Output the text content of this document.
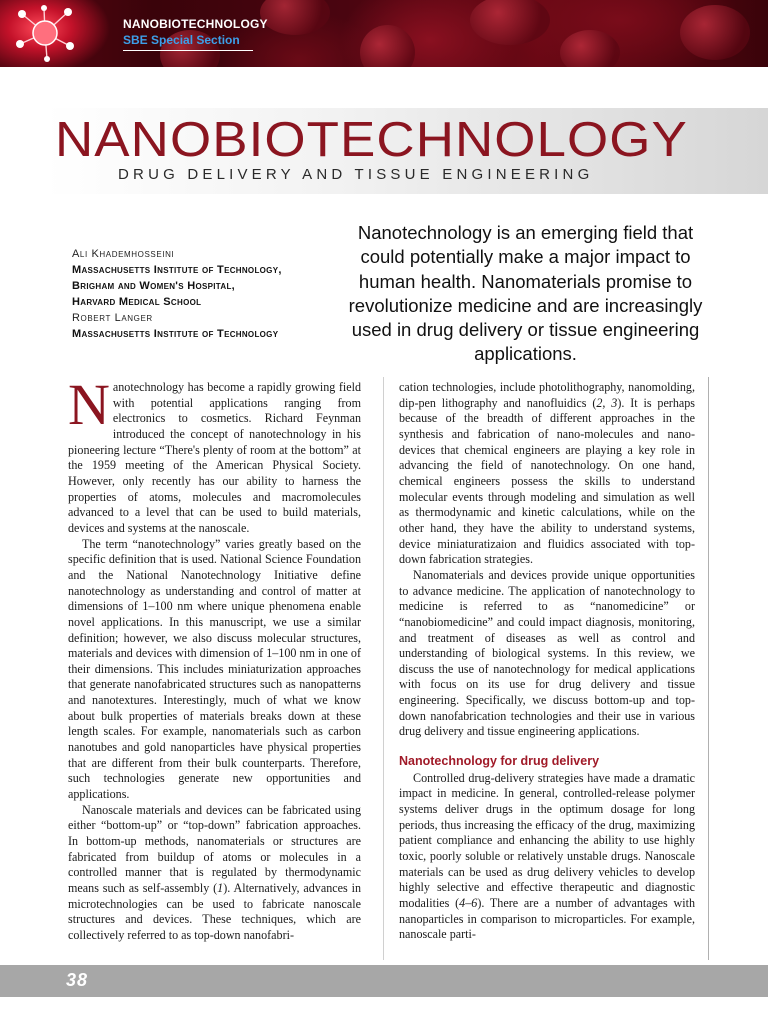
NANOBIOTECHNOLOGY
SBE Special Section
NANOBIOTECHNOLOGY
DRUG DELIVERY AND TISSUE ENGINEERING
Ali Khademhosseini
Massachusetts Institute of Technology,
Brigham and Women's Hospital,
Harvard Medical School
Robert Langer
Massachusetts Institute of Technology
Nanotechnology is an emerging field that could potentially make a major impact to human health. Nanomaterials promise to revolutionize medicine and are increasingly used in drug delivery or tissue engineering applications.

Nanotechnology has become a rapidly growing field with potential applications ranging from electronics to cosmetics. Richard Feynman introduced the concept of nanotechnology in his pioneering lecture “There's plenty of room at the bottom” at the 1959 meeting of the American Physical Society. However, only recently has our ability to harness the properties of atoms, molecules and macromolecules advanced to a level that can be used to build materials, devices and systems at the nanoscale.

The term “nanotechnology” varies greatly based on the specific definition that is used. National Science Foundation and the National Nanotechnology Initiative define nanotechnology as understanding and control of matter at dimensions of 1–100 nm where unique phenomena enable novel applications. In this manuscript, we use a similar definition; however, we also discuss molecular structures, materials and devices with dimension of 1–100 nm in one of their dimensions. This includes miniaturization approaches that generate nanofabricated structures such as nanopatterns and nanotextures. Interestingly, much of what we know about bulk properties of materials breaks down at these length scales. For example, nanomaterials such as carbon nanotubes and gold nanoparticles have physical properties that are different from their bulk counterparts. Therefore, such technologies generate new opportunities and applications.

Nanoscale materials and devices can be fabricated using either “bottom-up” or “top-down” fabrication approaches. In bottom-up methods, nanomaterials or structures are fabricated from buildup of atoms or molecules in a controlled manner that is regulated by thermodynamic means such as self-assembly (1). Alternatively, advances in microtechnologies can be used to fabricate nanoscale structures and devices. These techniques, which are collectively referred to as top-down nanofabri-

cation technologies, include photolithography, nanomolding, dip-pen lithography and nanofluidics (2, 3). It is perhaps because of the breadth of different approaches in the synthesis and fabrication of nano-molecules and nano-devices that chemical engineers are playing a key role in advancing the field of nanotechnology. On one hand, chemical engineers possess the skills to understand molecular events through modeling and simulation as well as thermodynamic and kinetic calculations, while on the other hand, they have the ability to understand systems, device miniaturatizaion and fluidics associated with top-down fabrication strategies.

Nanomaterials and devices provide unique opportunities to advance medicine. The application of nanotechnology to medicine is referred to as “nanomedicine” or “nanobiomedicine” and could impact diagnosis, monitoring, and treatment of diseases as well as control and understanding of biological systems. In this review, we discuss the use of nanotechnology for medical applications with focus on its use for drug delivery and tissue engineering. Specifically, we discuss bottom-up and top-down nanofabrication technologies and their use in various drug delivery and tissue engineering applications.

Nanotechnology for drug delivery

Controlled drug-delivery strategies have made a dramatic impact in medicine. In general, controlled-release polymer systems deliver drugs in the optimum dosage for long periods, thus increasing the efficacy of the drug, maximizing patient compliance and enhancing the ability to use highly toxic, poorly soluble or relatively unstable drugs. Nanoscale materials can be used as drug delivery vehicles to develop highly selective and effective therapeutic and diagnostic modalities (4–6). There are a number of advantages with nanoparticles in comparison to microparticles. For example, nanoscale parti-

38
